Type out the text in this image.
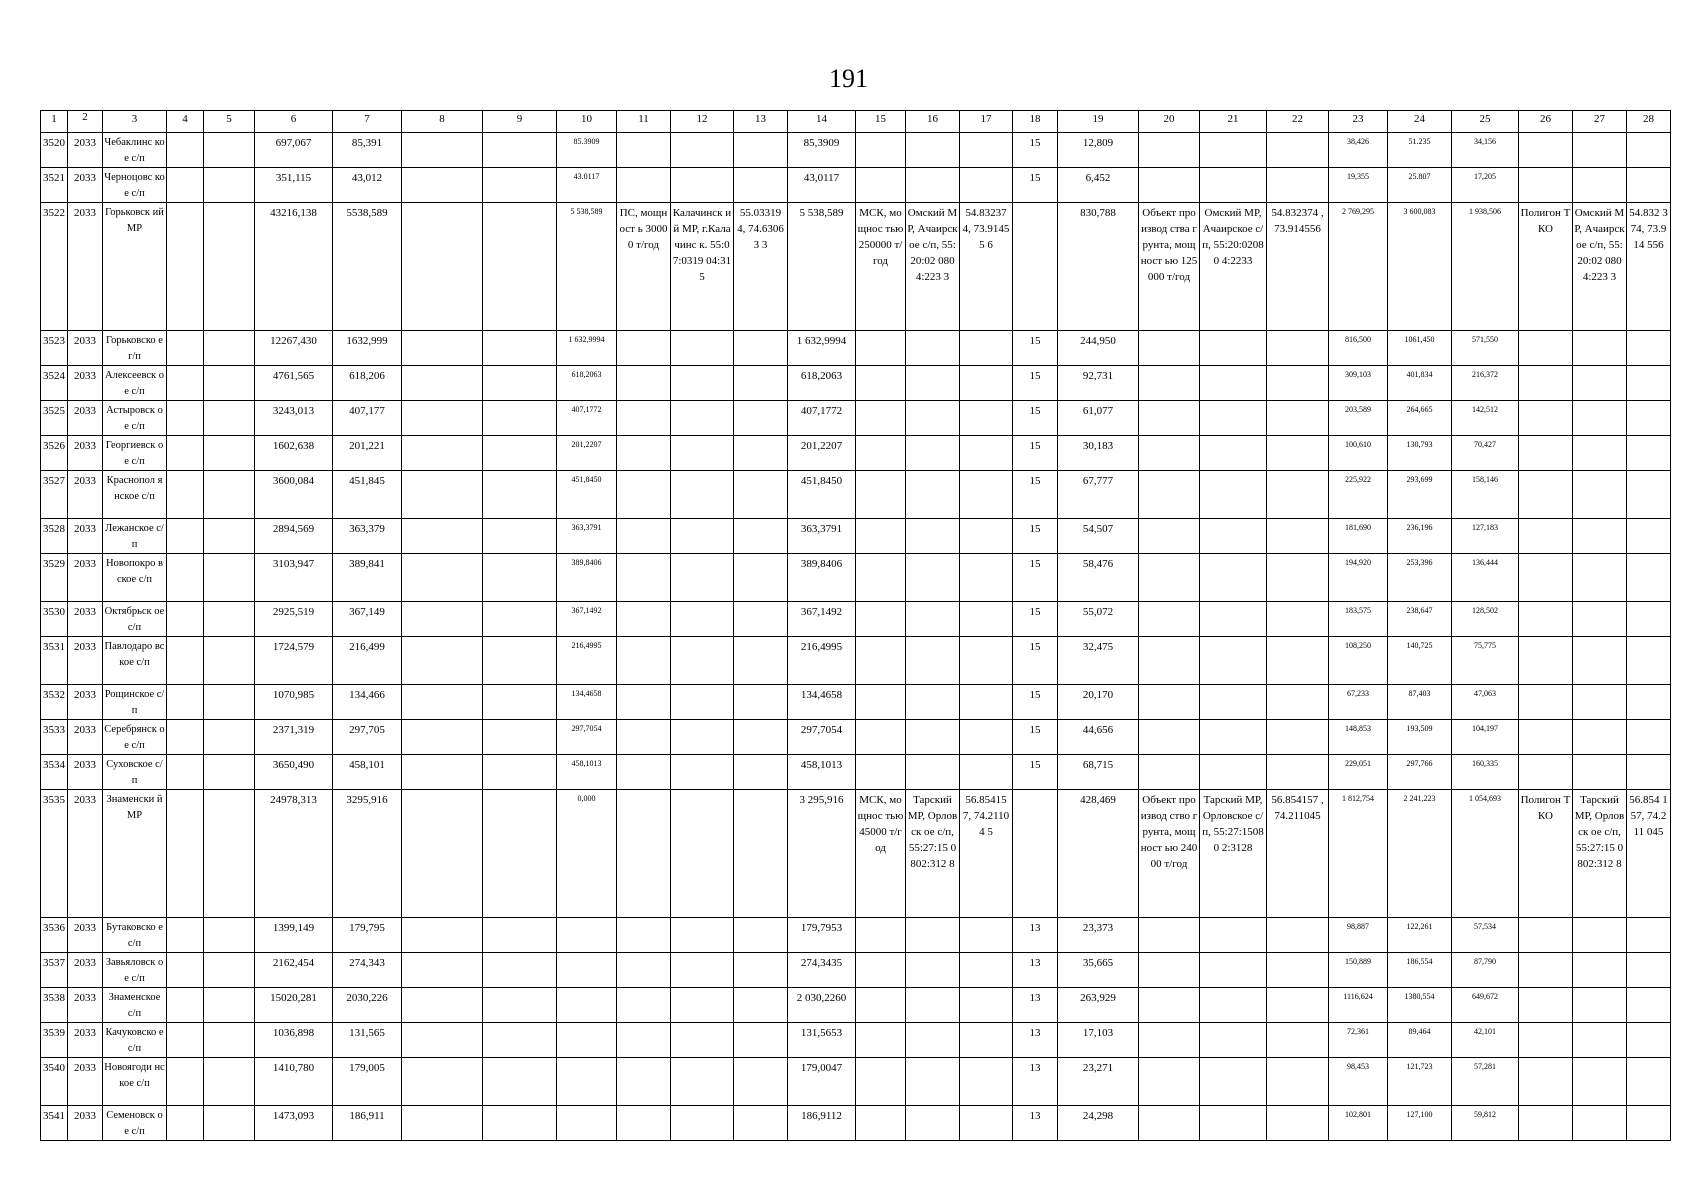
191
1	2	3	4	5	6	7	8	9	10	11	12	13	14	15	16	17	18	19	20	21	22	23	24	25	26	27	28
3520	2033	Чебаклинс кое с/п			697,067	85,391			85.3909				85,3909				15	12,809				38,426	51.235	34,156			
3521	2033	Черноцовс кое с/п			351,115	43,012			43.0117				43,0117				15	6,452				19,355	25.807	17,205			
3522	2033	Горьковск ий МР			43216,138	5538,589			5 538,589	ПС, мощност ь 30000 т/год	Калачинск ий МР, г.Калачинс к. 55:07:0319 04:315	55.03319 4, 74.63063 3	5 538,589	МСК, мощнос тью 250000 т/год	Омский МР, Ачаирск ое с/п, 55:20:02 0804:223 3	54.83237 4, 73.91455 6		830,788	Объект производ ства грунта, мощност ью 125000 т/год	Омский МР, Ачаирское с/п, 55:20:02080 4:2233	54.832374 , 73.914556	2 769,295	3 600,083	1 938,506	Полигон ТКО	Омский МР, Ачаирск ое с/п, 55:20:02 0804:223 3	54.832 374, 73.914 556
3523	2033	Горьковско е г/п			12267,430	1632,999			1 632,9994				1 632,9994				15	244,950				816,500	1061,450	571,550			
3524	2033	Алексеевск ое с/п			4761,565	618,206			618,2063				618,2063				15	92,731				309,103	401,834	216,372			
3525	2033	Астыровск ое с/п			3243,013	407,177			407,1772				407,1772				15	61,077				203,589	264,665	142,512			
3526	2033	Георгиевск ое с/п			1602,638	201,221			201,2207				201,2207				15	30,183				100,610	130,793	70,427			
3527	2033	Краснопол янское с/п			3600,084	451,845			451,8450				451,8450				15	67,777				225,922	293,699	158,146			
3528	2033	Лежанское с/п			2894,569	363,379			363,3791				363,3791				15	54,507				181,690	236,196	127,183			
3529	2033	Новопокро вское с/п			3103,947	389,841			389,8406				389,8406				15	58,476				194,920	253,396	136,444			
3530	2033	Октябрьск ое с/п			2925,519	367,149			367,1492				367,1492				15	55,072				183,575	238,647	128,502			
3531	2033	Павлодаро вское с/п			1724,579	216,499			216,4995				216,4995				15	32,475				108,250	140,725	75,775			
3532	2033	Рощинское с/п			1070,985	134,466			134,4658				134,4658				15	20,170				67,233	87,403	47,063			
3533	2033	Серебрянск ое с/п			2371,319	297,705			297,7054				297,7054				15	44,656				148,853	193,509	104,197			
3534	2033	Суховское с/п			3650,490	458,101			458,1013				458,1013				15	68,715				229,051	297,766	160,335			
3535	2033	Знаменски й МР			24978,313	3295,916			0,000				3 295,916	МСК, мощнос тью 45000 т/год	Тарский МР, Орловск ое с/п, 55:27:15 0802:312 8	56.85415 7, 74.21104 5		428,469	Объект производ ство грунта, мощност ью 24000 т/год	Тарский МР, Орловское с/п, 55:27:15080 2:3128	56.854157 , 74.211045	1 812,754	2 241,223	1 054,693	Полигон ТКО	Тарский МР, Орловск ое с/п, 55:27:15 0802:312 8	56.854 157, 74.211 045
3536	2033	Бутаковско е с/п			1399,149	179,795							179,7953				13	23,373				98,887	122,261	57,534			
3537	2033	Завьяловск ое с/п			2162,454	274,343							274,3435				13	35,665				150,889	186,554	87,790			
3538	2033	Знаменское с/п			15020,281	2030,226							2 030,2260				13	263,929				1116,624	1380,554	649,672			
3539	2033	Качуковско е с/п			1036,898	131,565							131,5653				13	17,103				72,361	89,464	42,101			
3540	2033	Новоягоди нское с/п			1410,780	179,005							179,0047				13	23,271				98,453	121,723	57,281			
3541	2033	Семеновск ое с/п			1473,093	186,911							186,9112				13	24,298				102,801	127,100	59,812			
